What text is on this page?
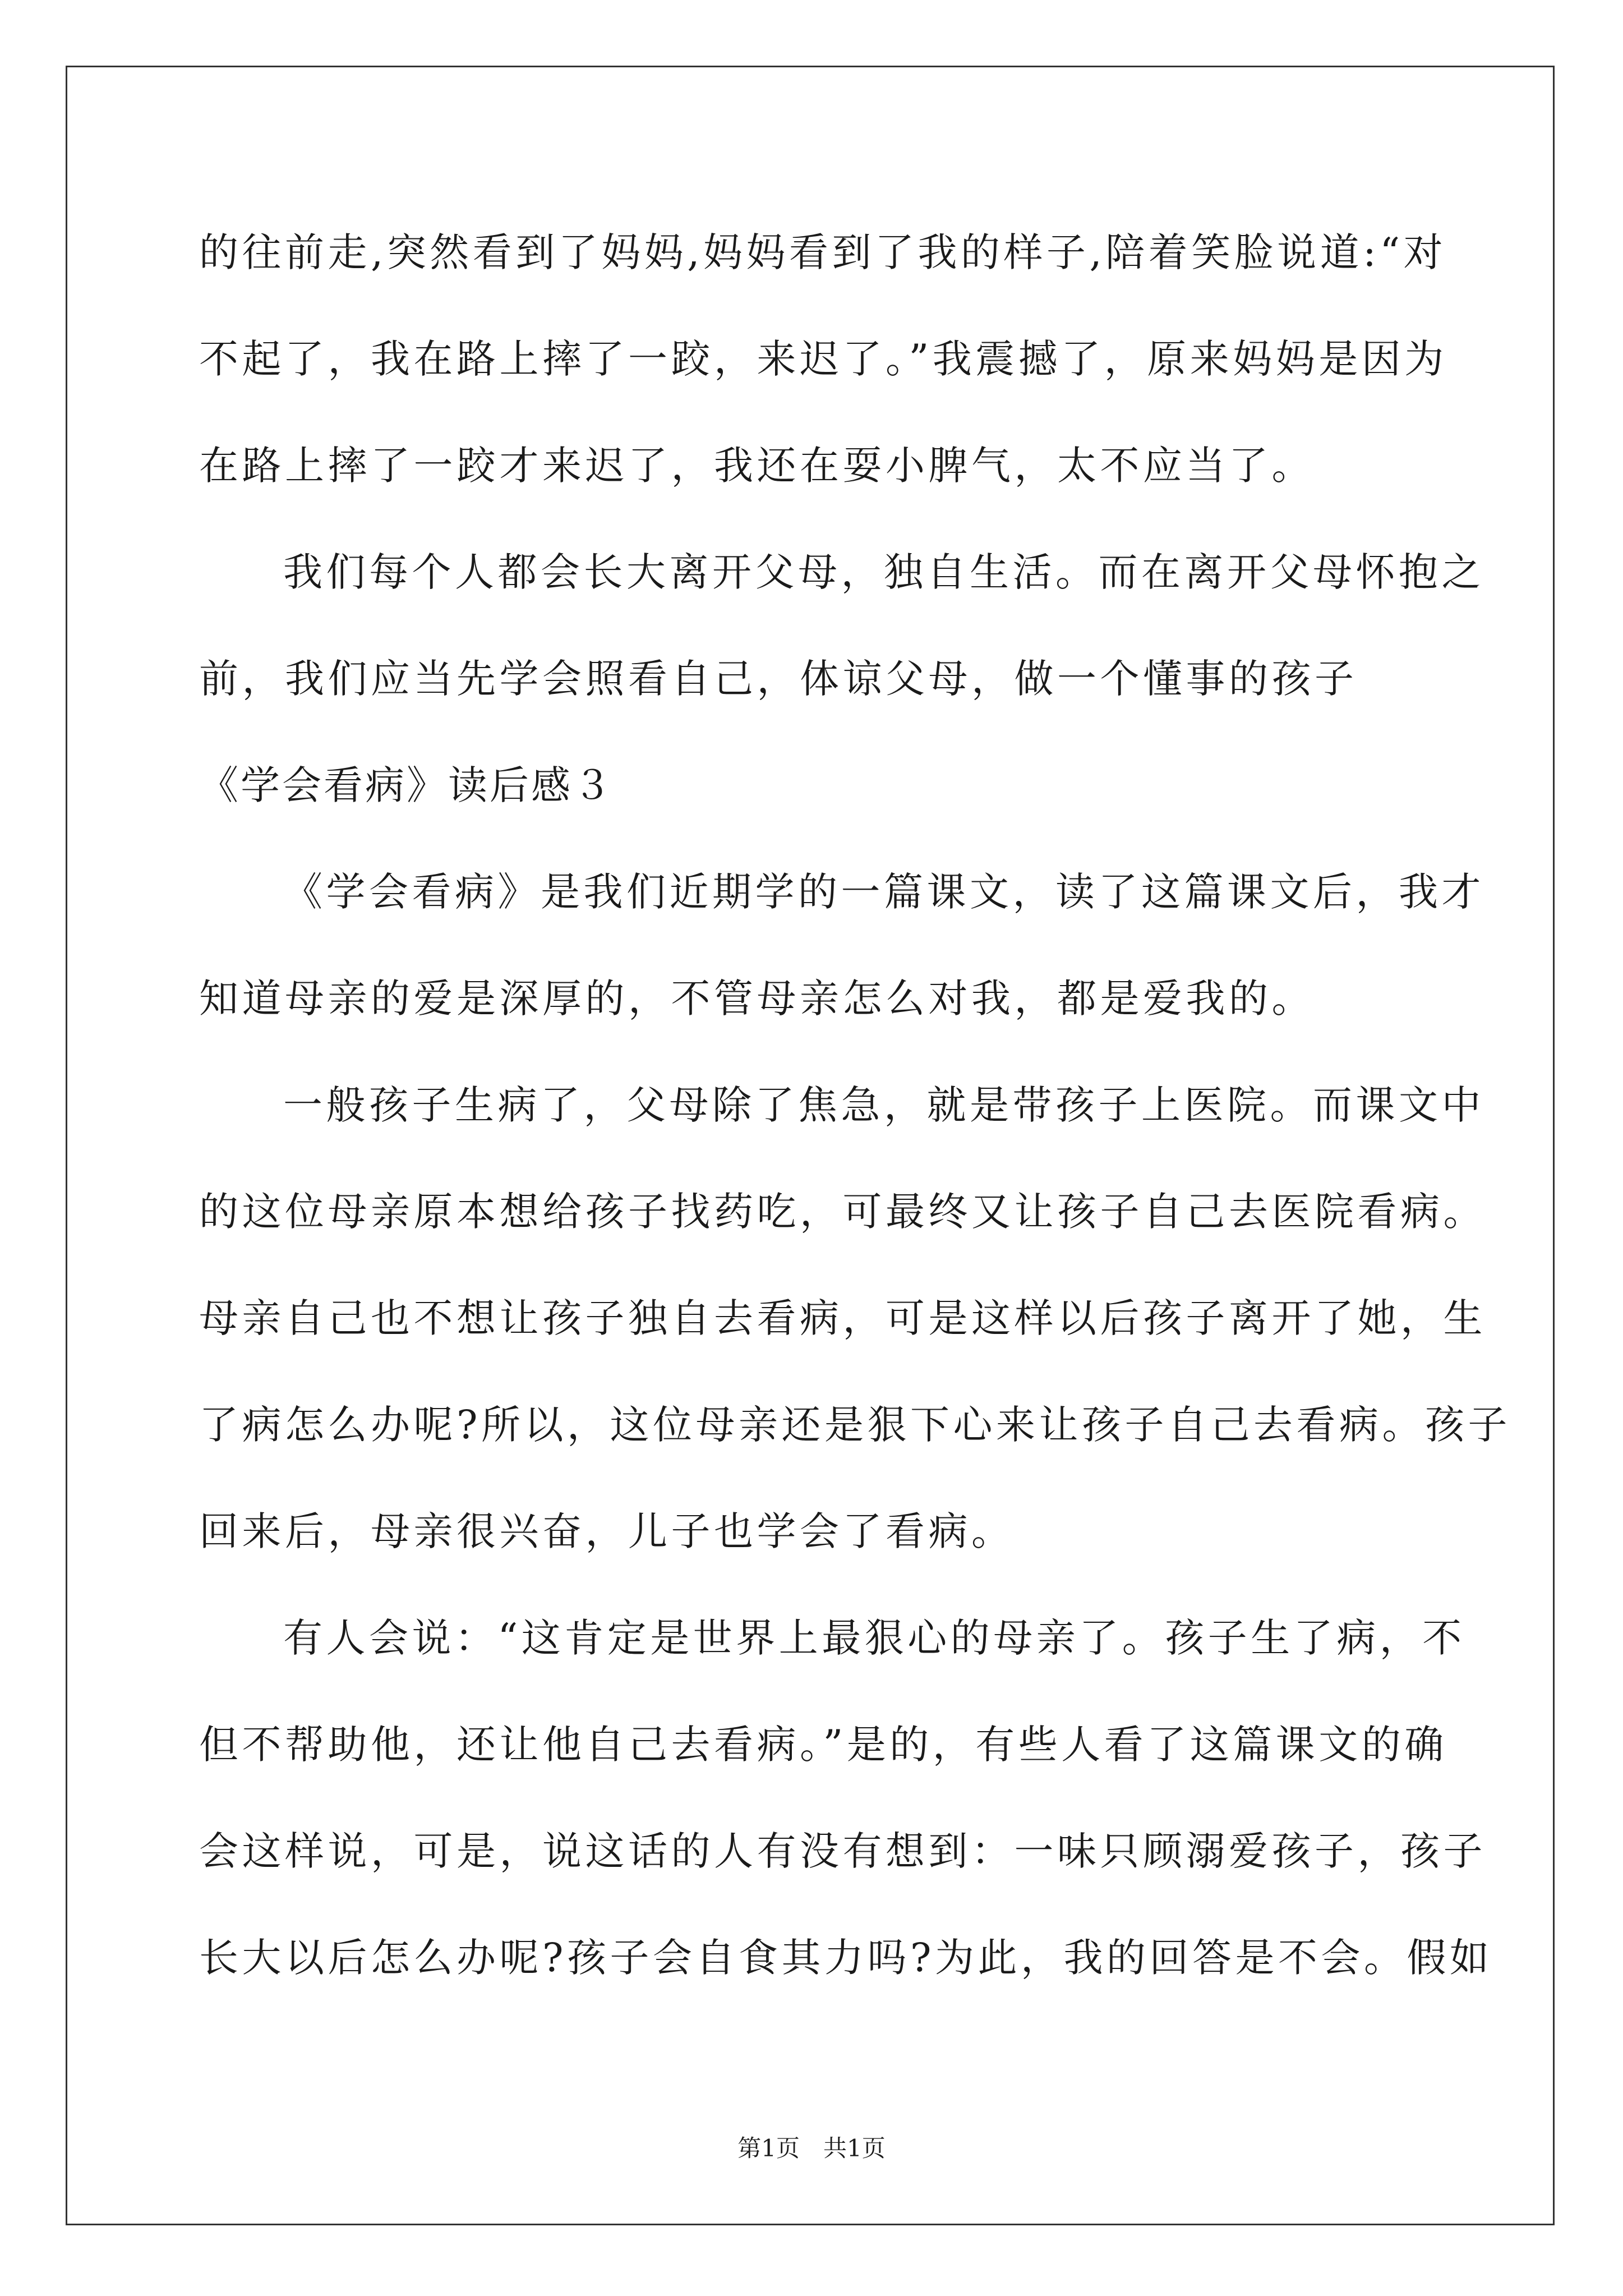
的往前走,突然看到了妈妈,妈妈看到了我的样子,陪着笑脸说道:“对
不起了，我在路上摔了一跤，来迟了。”我震撼了，原来妈妈是因为
在路上摔了一跤才来迟了，我还在耍小脾气，太不应当了。
我们每个人都会长大离开父母，独自生活。而在离开父母怀抱之
前，我们应当先学会照看自己，体谅父母，做一个懂事的孩子
《学会看病》读后感３
《学会看病》是我们近期学的一篇课文，读了这篇课文后，我才
知道母亲的爱是深厚的，不管母亲怎么对我，都是爱我的。
一般孩子生病了，父母除了焦急，就是带孩子上医院。而课文中
的这位母亲原本想给孩子找药吃，可最终又让孩子自己去医院看病。
母亲自己也不想让孩子独自去看病，可是这样以后孩子离开了她，生
了病怎么办呢?所以，这位母亲还是狠下心来让孩子自己去看病。孩子
回来后，母亲很兴奋，儿子也学会了看病。
有人会说：“这肯定是世界上最狠心的母亲了。孩子生了病，不
但不帮助他，还让他自己去看病。”是的，有些人看了这篇课文的确
会这样说，可是，说这话的人有没有想到：一味只顾溺爱孩子，孩子
长大以后怎么办呢?孩子会自食其力吗?为此，我的回答是不会。假如
第1页　共1页
